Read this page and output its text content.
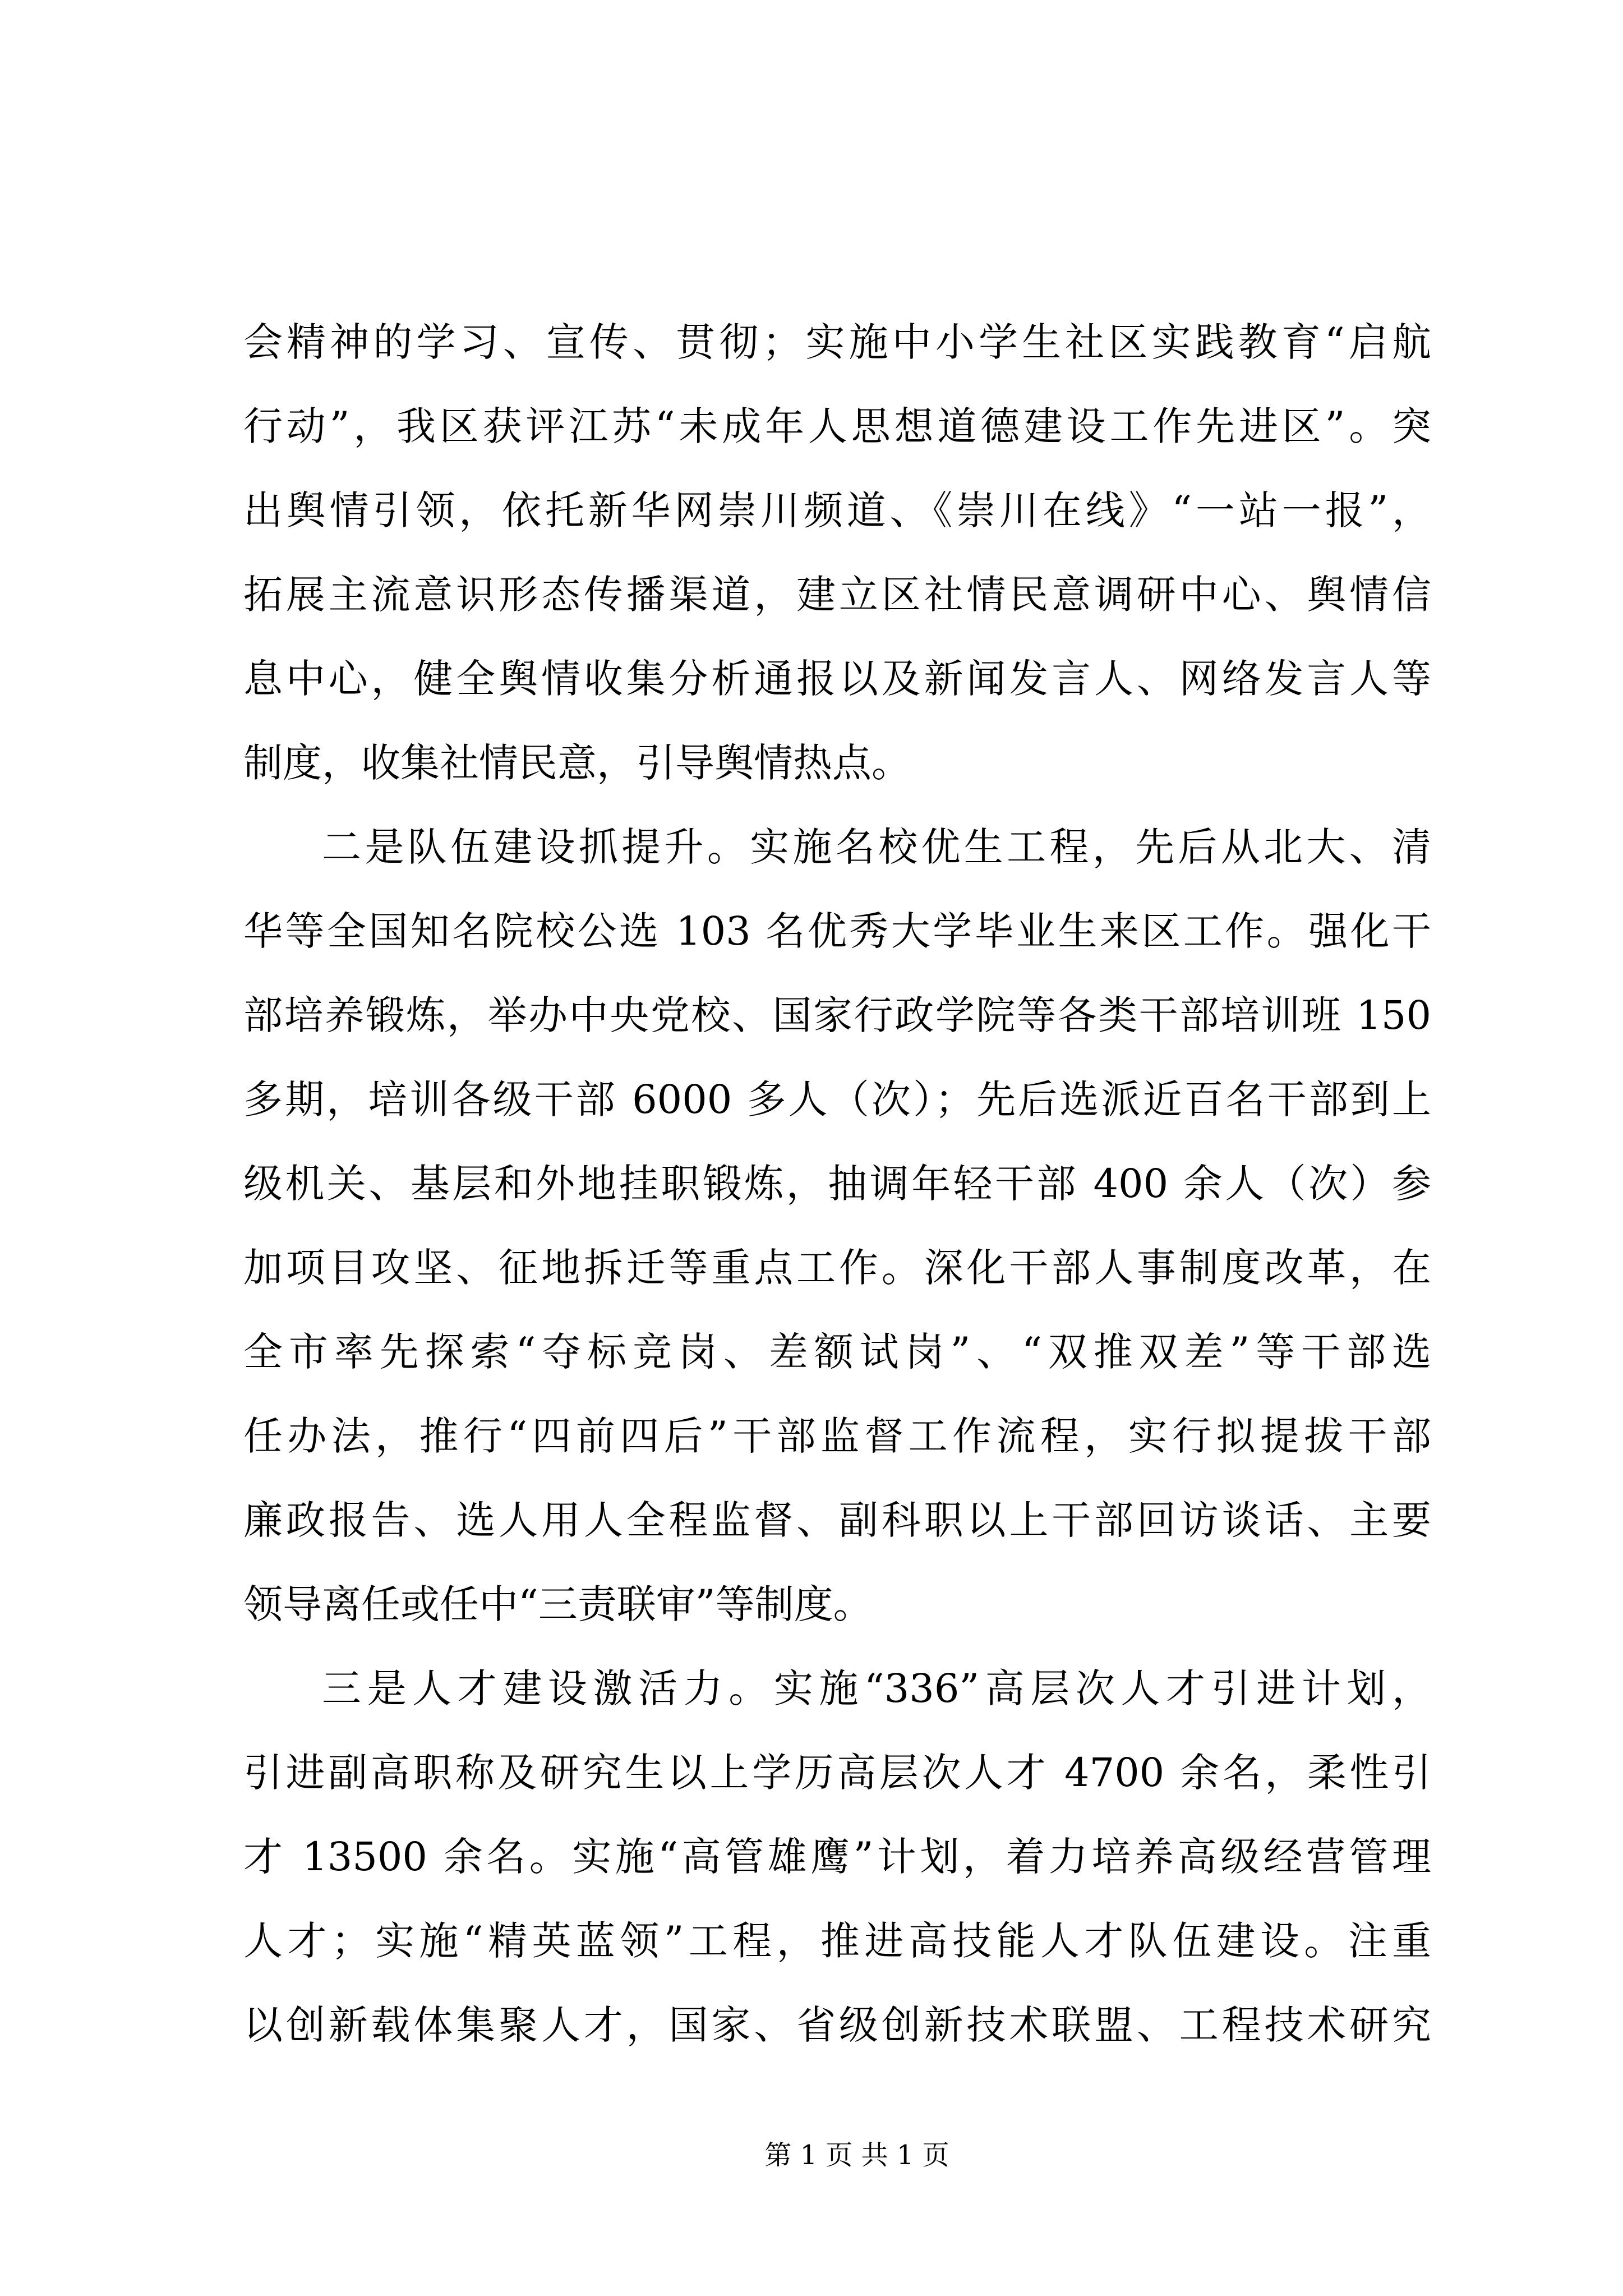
会精神的学习、宣传、贯彻；实施中小学生社区实践教育“启航
行动”，我区获评江苏“未成年人思想道德建设工作先进区”。突
出舆情引领，依托新华网崇川频道、《崇川在线》“一站一报”，
拓展主流意识形态传播渠道，建立区社情民意调研中心、舆情信
息中心，健全舆情收集分析通报以及新闻发言人、网络发言人等
制度，收集社情民意，引导舆情热点。
二是队伍建设抓提升。实施名校优生工程，先后从北大、清
华等全国知名院校公选 103 名优秀大学毕业生来区工作。强化干
部培养锻炼，举办中央党校、国家行政学院等各类干部培训班 150
多期，培训各级干部 6000 多人（次）；先后选派近百名干部到上
级机关、基层和外地挂职锻炼，抽调年轻干部 400 余人（次）参
加项目攻坚、征地拆迁等重点工作。深化干部人事制度改革，在
全市率先探索“夺标竞岗、差额试岗”、“双推双差”等干部选
任办法，推行“四前四后”干部监督工作流程，实行拟提拔干部
廉政报告、选人用人全程监督、副科职以上干部回访谈话、主要
领导离任或任中“三责联审”等制度。
三是人才建设激活力。实施“336”高层次人才引进计划，
引进副高职称及研究生以上学历高层次人才 4700 余名，柔性引
才 13500 余名。实施“高管雄鹰”计划，着力培养高级经营管理
人才；实施“精英蓝领”工程，推进高技能人才队伍建设。注重
以创新载体集聚人才，国家、省级创新技术联盟、工程技术研究
第 1 页 共 1 页
